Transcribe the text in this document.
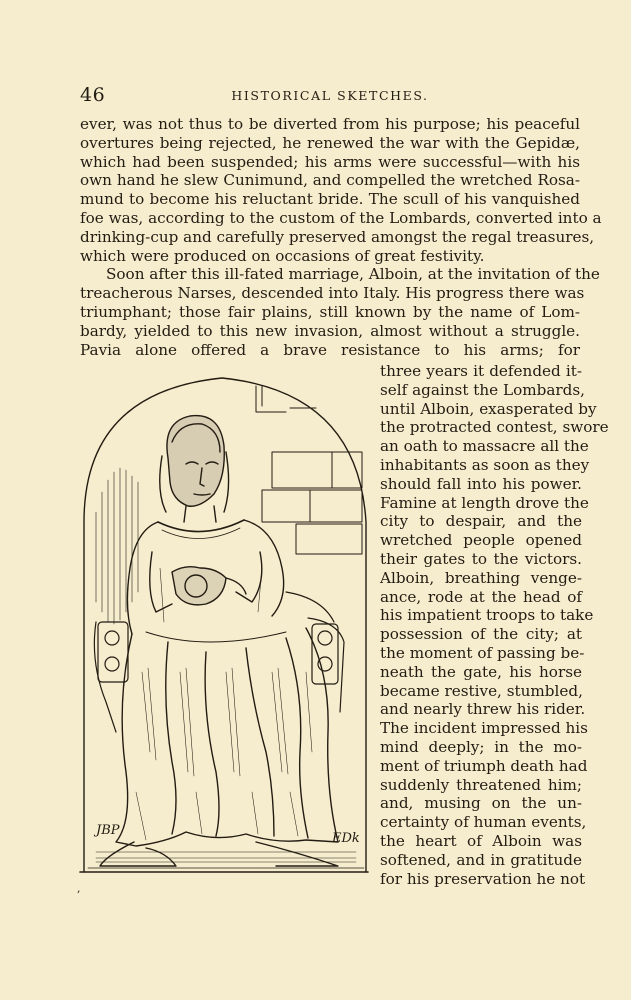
46	HISTORICAL SKETCHES.
ever, was not thus to be diverted from his purpose; his peaceful
overtures being rejected, he renewed the war with the Gepidæ,
which had been suspended; his arms were successful—with his
own hand he slew Cunimund, and compelled the wretched Rosa-
mund to become his reluctant bride. The scull of his vanquished
foe was, according to the custom of the Lombards, converted into a
drinking-cup and carefully preserved amongst the regal treasures,
which were produced on occasions of great festivity.
Soon after this ill-fated marriage, Alboin, at the invitation of the
treacherous Narses, descended into Italy. His progress there was
triumphant; those fair plains, still known by the name of Lom-
bardy, yielded to this new invasion, almost without a struggle.
Pavia alone offered a brave resistance to his arms; for
three years it defended it-
self against the Lombards,
until Alboin, exasperated by
the protracted contest, swore
an oath to massacre all the
inhabitants as soon as they
should fall into his power.
Famine at length drove the
city to despair, and the
wretched people opened
their gates to the victors.
Alboin, breathing venge-
ance, rode at the head of
his impatient troops to take
possession of the city; at
the moment of passing be-
neath the gate, his horse
became restive, stumbled,
and nearly threw his rider.
The incident impressed his
mind deeply; in the mo-
ment of triumph death had
suddenly threatened him;
and, musing on the un-
certainty of human events,
the heart of Alboin was
softened, and in gratitude
for his preservation he not
JBP
EDk
,
